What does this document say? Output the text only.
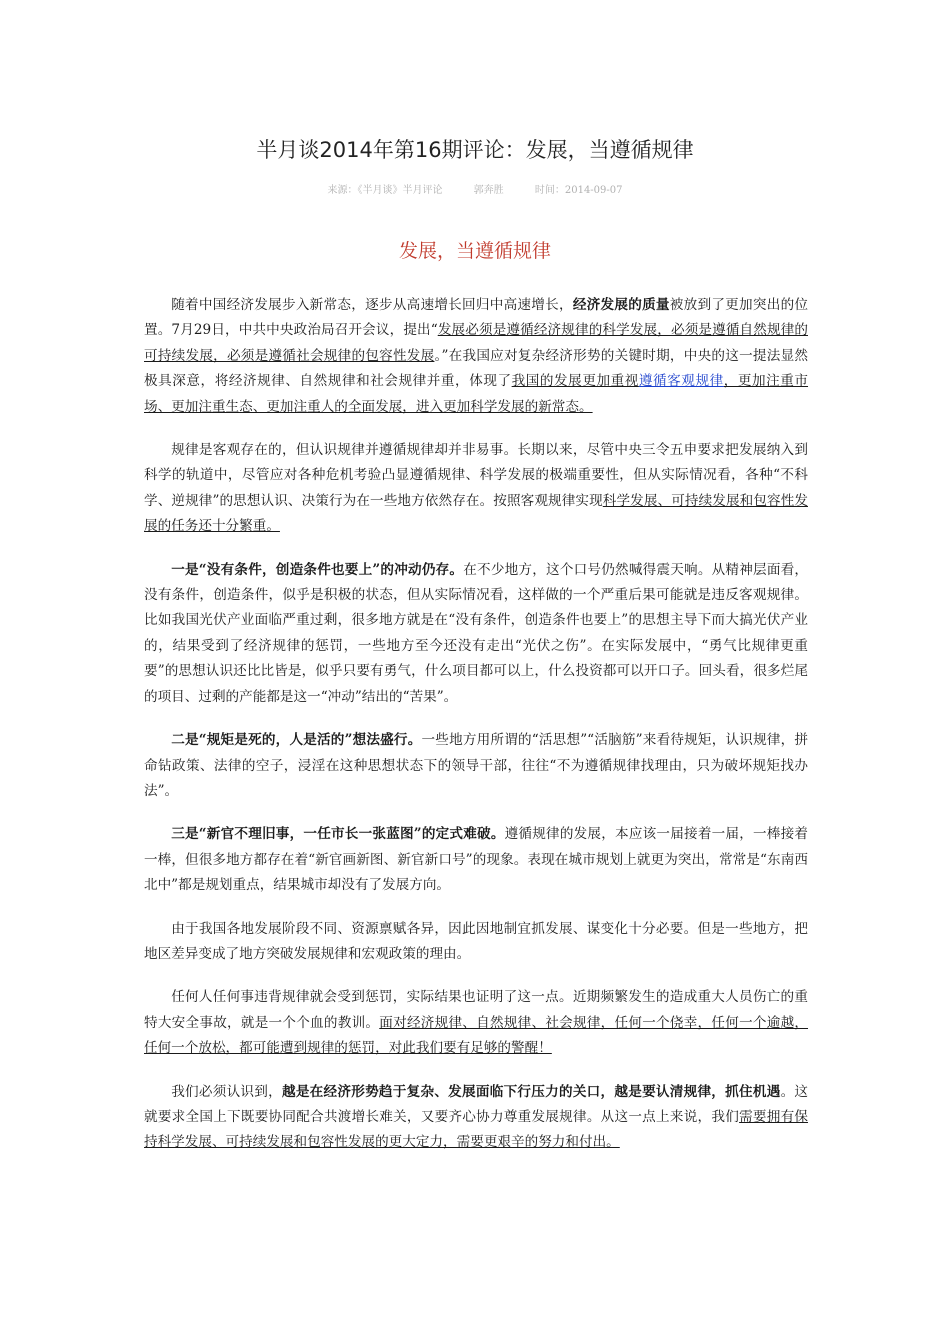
半月谈2014年第16期评论：发展，当遵循规律
来源：《半月谈》半月评论	郭奔胜	时间：2014-09-07
发展，当遵循规律

随着中国经济发展步入新常态，逐步从高速增长回归中高速增长，经济发展的质量被放到了更加突出的位置。7月29日，中共中央政治局召开会议，提出“发展必须是遵循经济规律的科学发展，必须是遵循自然规律的可持续发展，必须是遵循社会规律的包容性发展。”在我国应对复杂经济形势的关键时期，中央的这一提法显然极具深意，将经济规律、自然规律和社会规律并重，体现了我国的发展更加重视遵循客观规律，更加注重市场、更加注重生态、更加注重人的全面发展，进入更加科学发展的新常态。

规律是客观存在的，但认识规律并遵循规律却并非易事。长期以来，尽管中央三令五申要求把发展纳入到科学的轨道中，尽管应对各种危机考验凸显遵循规律、科学发展的极端重要性，但从实际情况看，各种“不科学、逆规律”的思想认识、决策行为在一些地方依然存在。按照客观规律实现科学发展、可持续发展和包容性发展的任务还十分繁重。

一是“没有条件，创造条件也要上”的冲动仍存。在不少地方，这个口号仍然喊得震天响。从精神层面看，没有条件，创造条件，似乎是积极的状态，但从实际情况看，这样做的一个严重后果可能就是违反客观规律。比如我国光伏产业面临严重过剩，很多地方就是在“没有条件，创造条件也要上”的思想主导下而大搞光伏产业的，结果受到了经济规律的惩罚，一些地方至今还没有走出“光伏之伤”。在实际发展中，“勇气比规律更重要”的思想认识还比比皆是，似乎只要有勇气，什么项目都可以上，什么投资都可以开口子。回头看，很多烂尾的项目、过剩的产能都是这一“冲动”结出的“苦果”。

二是“规矩是死的，人是活的”想法盛行。一些地方用所谓的“活思想”“活脑筋”来看待规矩，认识规律，拼命钻政策、法律的空子，浸淫在这种思想状态下的领导干部，往往“不为遵循规律找理由，只为破坏规矩找办法”。

三是“新官不理旧事，一任市长一张蓝图”的定式难破。遵循规律的发展，本应该一届接着一届，一棒接着一棒，但很多地方都存在着“新官画新图、新官新口号”的现象。表现在城市规划上就更为突出，常常是“东南西北中”都是规划重点，结果城市却没有了发展方向。

由于我国各地发展阶段不同、资源禀赋各异，因此因地制宜抓发展、谋变化十分必要。但是一些地方，把地区差异变成了地方突破发展规律和宏观政策的理由。

任何人任何事违背规律就会受到惩罚，实际结果也证明了这一点。近期频繁发生的造成重大人员伤亡的重特大安全事故，就是一个个血的教训。面对经济规律、自然规律、社会规律，任何一个侥幸，任何一个逾越，任何一个放松，都可能遭到规律的惩罚，对此我们要有足够的警醒！

我们必须认识到，越是在经济形势趋于复杂、发展面临下行压力的关口，越是要认清规律，抓住机遇。这就要求全国上下既要协同配合共渡增长难关，又要齐心协力尊重发展规律。从这一点上来说，我们需要拥有保持科学发展、可持续发展和包容性发展的更大定力，需要更艰辛的努力和付出。
